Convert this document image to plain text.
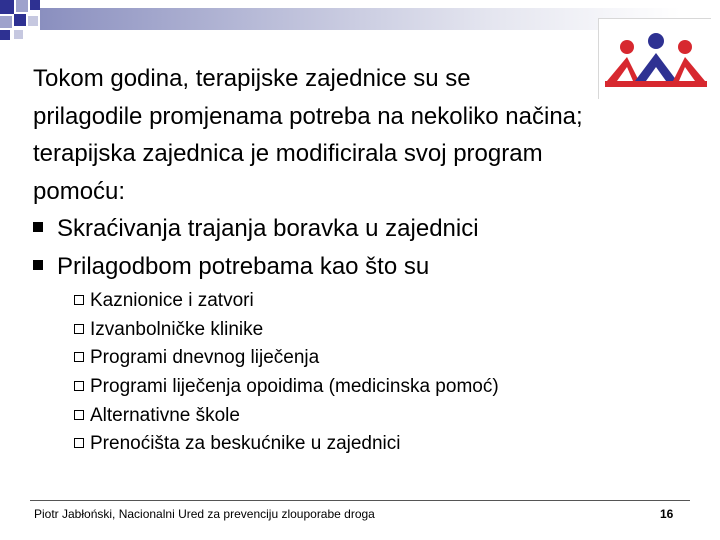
Tokom godina, terapijske zajednice su se
prilagodile promjenama potreba na nekoliko načina;
terapijska zajednica je modificirala svoj program
pomoću:
Skraćivanja trajanja boravka u zajednici
Prilagodbom potrebama kao što su
Kaznionice i zatvori
Izvanbolničke klinike
Programi dnevnog liječenja
Programi liječenja opoidima (medicinska pomoć)
Alternativne škole
Prenoćišta za beskućnike u zajednici
Piotr Jabłoński, Nacionalni Ured za prevenciju zlouporabe droga	16
